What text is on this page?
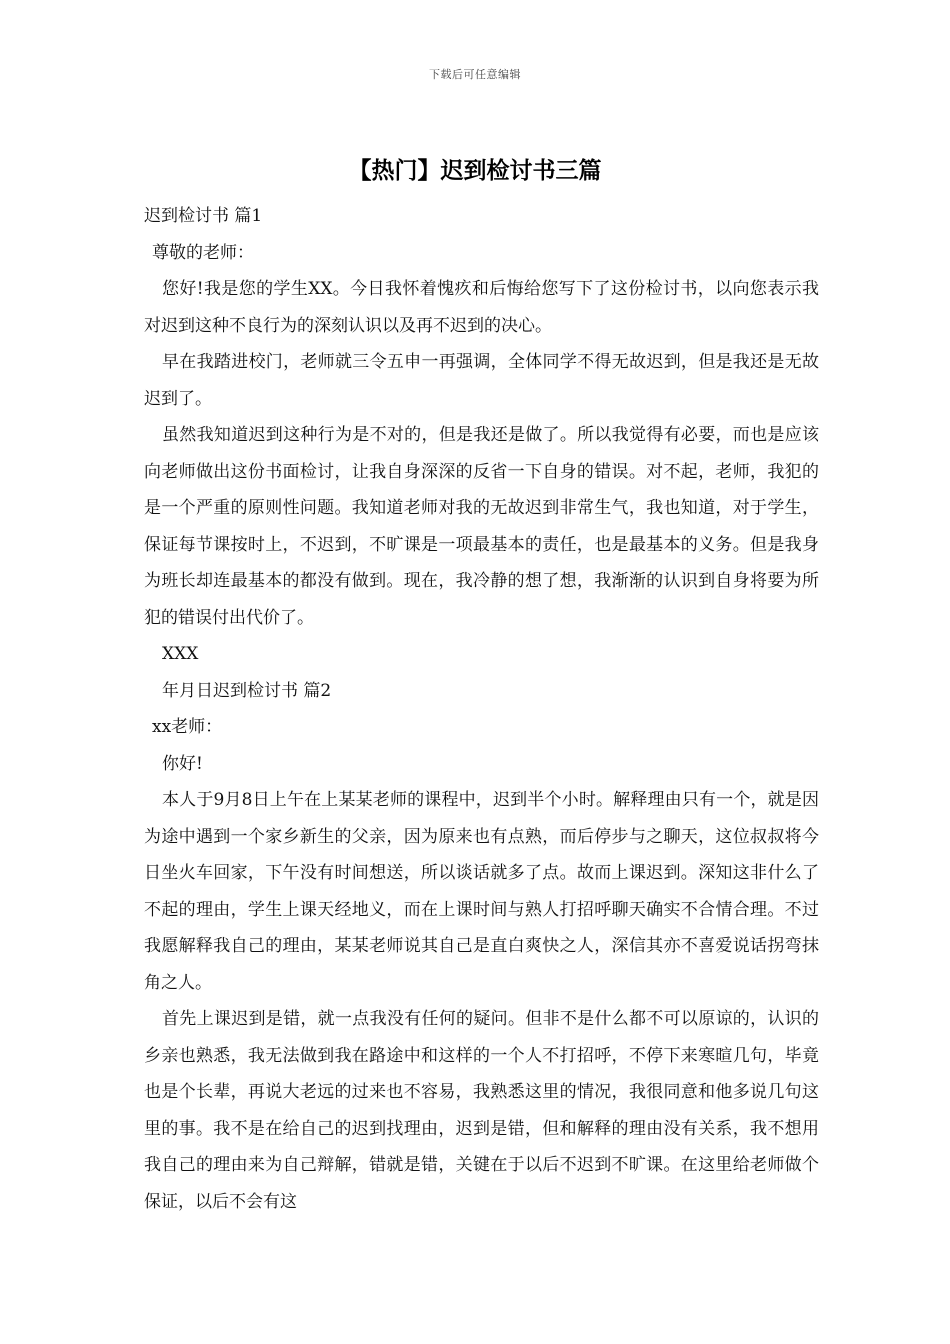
下载后可任意编辑
【热门】迟到检讨书三篇

迟到检讨书 篇1

尊敬的老师：

您好!我是您的学生XX。今日我怀着愧疚和后悔给您写下了这份检讨书，以向您表示我对迟到这种不良行为的深刻认识以及再不迟到的决心。

早在我踏进校门，老师就三令五申一再强调，全体同学不得无故迟到，但是我还是无故迟到了。

虽然我知道迟到这种行为是不对的，但是我还是做了。所以我觉得有必要，而也是应该向老师做出这份书面检讨，让我自身深深的反省一下自身的错误。对不起，老师，我犯的是一个严重的原则性问题。我知道老师对我的无故迟到非常生气，我也知道，对于学生，保证每节课按时上，不迟到，不旷课是一项最基本的责任，也是最基本的义务。但是我身为班长却连最基本的都没有做到。现在，我冷静的想了想，我渐渐的认识到自身将要为所犯的错误付出代价了。

XXX

年月日迟到检讨书 篇2

xx老师：

你好!

本人于9月8日上午在上某某老师的课程中，迟到半个小时。解释理由只有一个，就是因为途中遇到一个家乡新生的父亲，因为原来也有点熟，而后停步与之聊天，这位叔叔将今日坐火车回家，下午没有时间想送，所以谈话就多了点。故而上课迟到。深知这非什么了不起的理由，学生上课天经地义，而在上课时间与熟人打招呼聊天确实不合情合理。不过我愿解释我自己的理由，某某老师说其自己是直白爽快之人，深信其亦不喜爱说话拐弯抹角之人。

首先上课迟到是错，就一点我没有任何的疑问。但非不是什么都不可以原谅的，认识的乡亲也熟悉，我无法做到我在路途中和这样的一个人不打招呼，不停下来寒暄几句，毕竟也是个长辈，再说大老远的过来也不容易，我熟悉这里的情况，我很同意和他多说几句这里的事。我不是在给自己的迟到找理由，迟到是错，但和解释的理由没有关系，我不想用我自己的理由来为自己辩解，错就是错，关键在于以后不迟到不旷课。在这里给老师做个保证，以后不会有这
